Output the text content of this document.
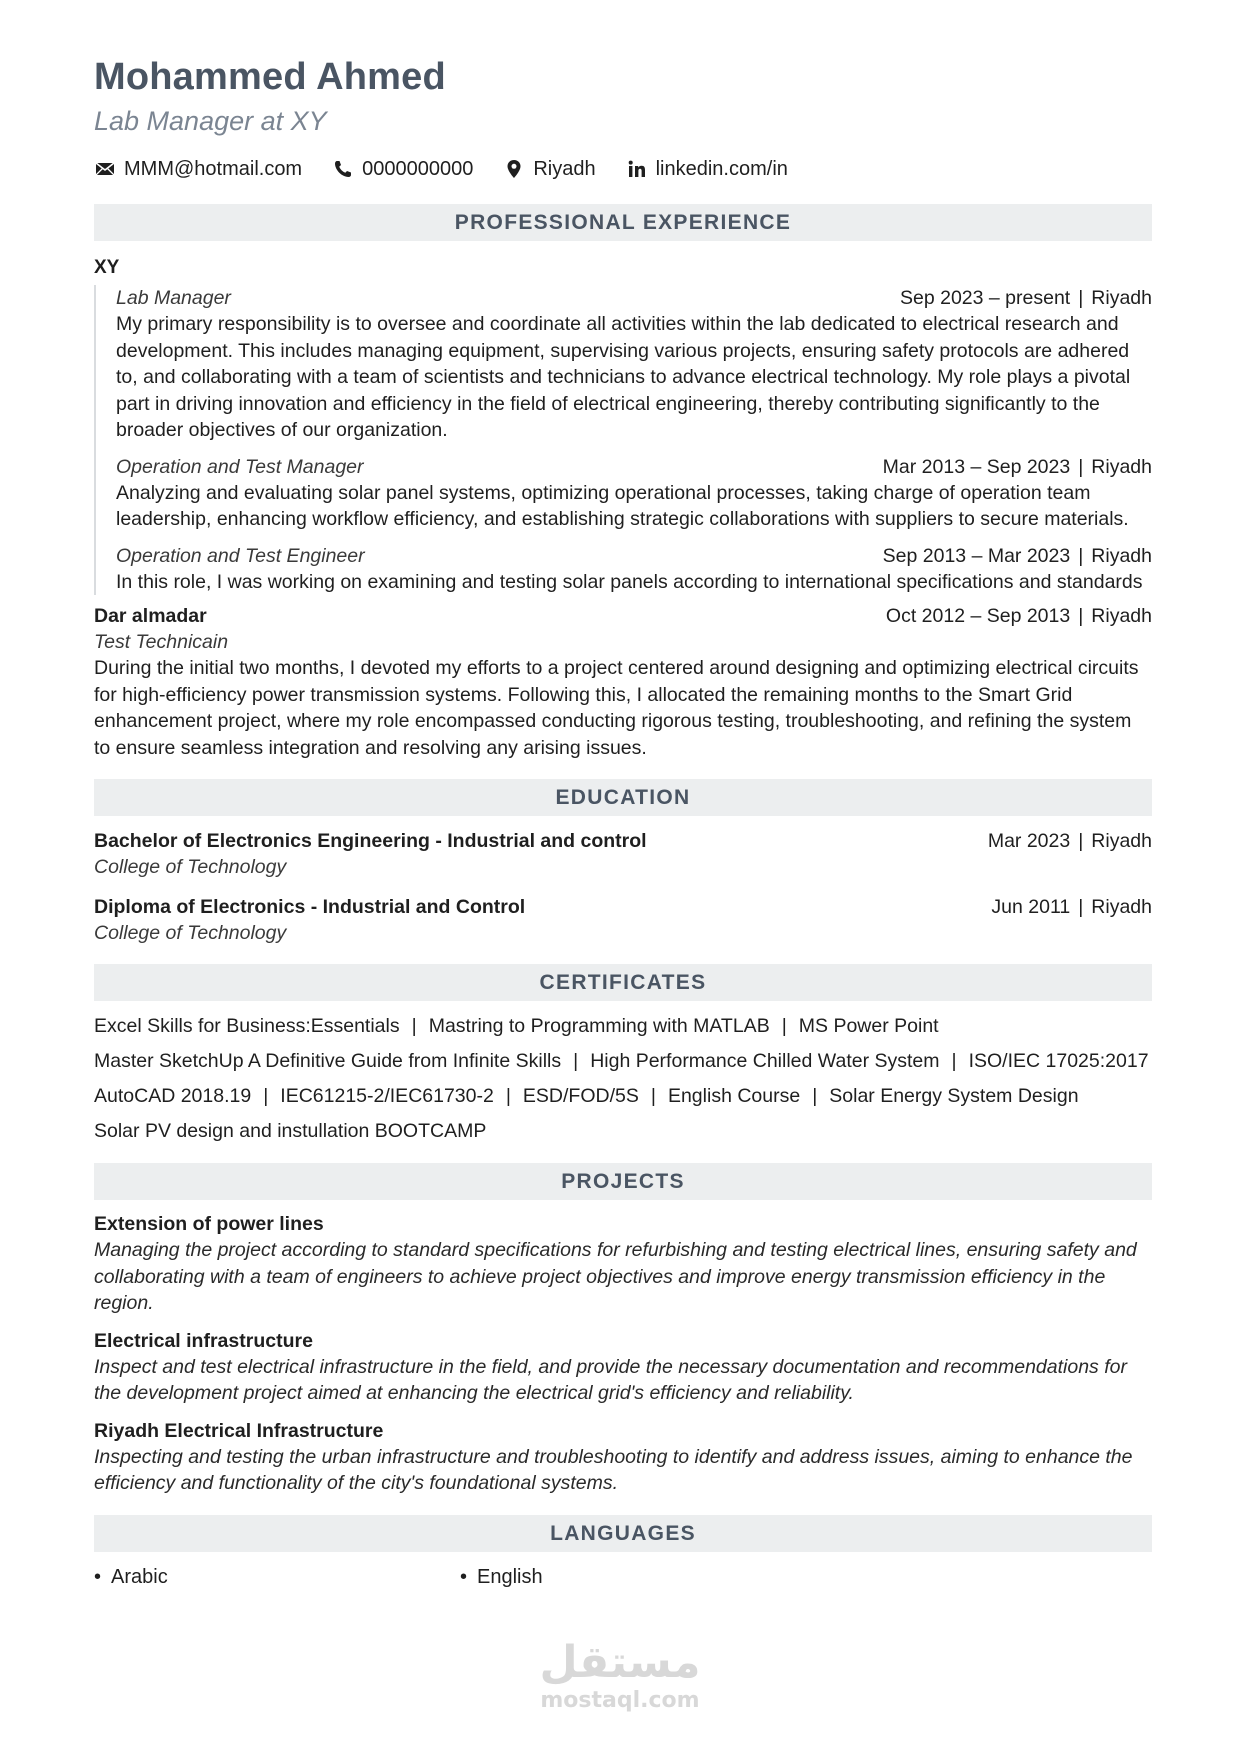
Mohammed Ahmed
Lab Manager at XY
MMM@hotmail.com	0000000000	Riyadh	linkedin.com/in
PROFESSIONAL EXPERIENCE
XY
Lab Manager	Sep 2023 – present | Riyadh

My primary responsibility is to oversee and coordinate all activities within the lab dedicated to electrical research and development. This includes managing equipment, supervising various projects, ensuring safety protocols are adhered to, and collaborating with a team of scientists and technicians to advance electrical technology. My role plays a pivotal part in driving innovation and efficiency in the field of electrical engineering, thereby contributing significantly to the broader objectives of our organization.

Operation and Test Manager	Mar 2013 – Sep 2023 | Riyadh

Analyzing and evaluating solar panel systems, optimizing operational processes, taking charge of operation team leadership, enhancing workflow efficiency, and establishing strategic collaborations with suppliers to secure materials.

Operation and Test Engineer	Sep 2013 – Mar 2023 | Riyadh

In this role, I was working on examining and testing solar panels according to international specifications and standards

Dar almadar	Oct 2012 – Sep 2013 | Riyadh
Test Technicain

During the initial two months, I devoted my efforts to a project centered around designing and optimizing electrical circuits for high-efficiency power transmission systems. Following this, I allocated the remaining months to the Smart Grid enhancement project, where my role encompassed conducting rigorous testing, troubleshooting, and refining the system to ensure seamless integration and resolving any arising issues.

EDUCATION
Bachelor of Electronics Engineering - Industrial and control	Mar 2023 | Riyadh
College of Technology
Diploma of Electronics - Industrial and Control	Jun 2011 | Riyadh
College of Technology
CERTIFICATES
Excel Skills for Business:Essentials | Mastring to Programming with MATLAB | MS Power Point
Master SketchUp A Definitive Guide from Infinite Skills | High Performance Chilled Water System | ISO/IEC 17025:2017
AutoCAD 2018.19 | IEC61215-2/IEC61730-2 | ESD/FOD/5S | English Course | Solar Energy System Design
Solar PV design and instullation BOOTCAMP
PROJECTS
Extension of power lines
Managing the project according to standard specifications for refurbishing and testing electrical lines, ensuring safety and collaborating with a team of engineers to achieve project objectives and improve energy transmission efficiency in the region.
Electrical infrastructure
Inspect and test electrical infrastructure in the field, and provide the necessary documentation and recommendations for the development project aimed at enhancing the electrical grid's efficiency and reliability.
Riyadh Electrical Infrastructure
Inspecting and testing the urban infrastructure and troubleshooting to identify and address issues, aiming to enhance the efficiency and functionality of the city's foundational systems.
LANGUAGES
• Arabic	• English
مستقل
mostaql.com
